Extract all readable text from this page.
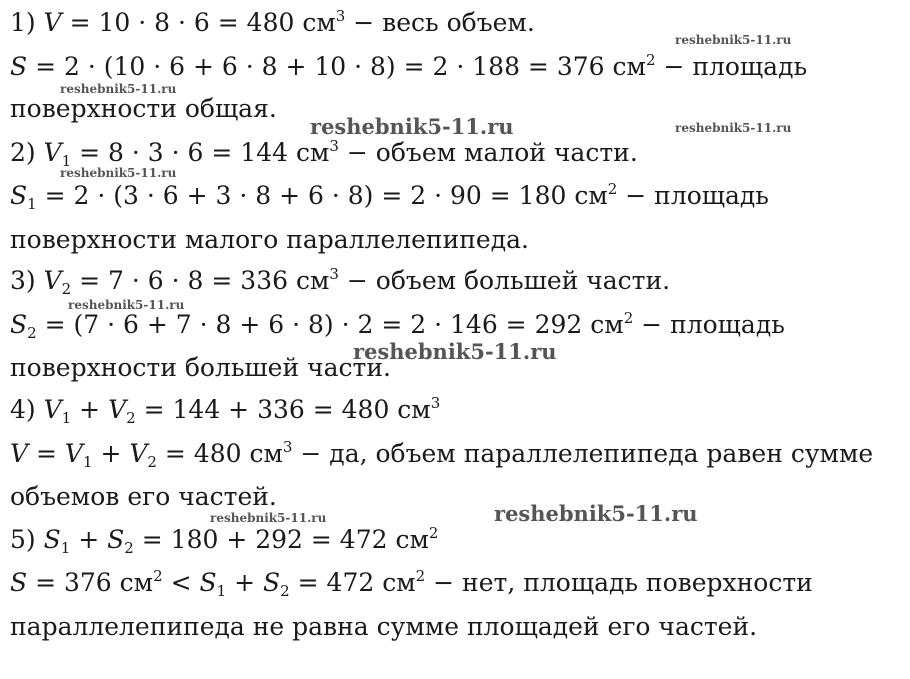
1) V = 10 · 8 · 6 = 480 $см^3$ − весь объем.
S = 2 · (10 · 6 + 6 · 8 + 10 · 8) = 2 · 188 = 376 $см^2$ − площадь
поверхности общая.
2) $V_1 = 8 \cdot 3 \cdot 6 = 144$ $см^3$ − объем малой части.
$S_1 = 2 \cdot (3 \cdot 6 + 3 \cdot 8 + 6 \cdot 8) = 2 \cdot 90 = 180$ $см^2$ − площадь
поверхности малого параллелепипеда.
3) $V_2 = 7 \cdot 6 \cdot 8 = 336$ $см^3$ − объем большей части.
$S_2 = (7 \cdot 6 + 7 \cdot 8 + 6 \cdot 8) \cdot 2 = 2 \cdot 146 = 292$ $см^2$ − площадь
поверхности большей части.
4) $V_1 + V_2 = 144 + 336 = 480$ $см^3$
$V = V_1 + V_2 = 480$ $см^3$ − да, объем параллелепипеда равен сумме
объемов его частей.
5) $S_1 + S_2 = 180 + 292 = 472$ $см^2$
S = 376 $см^2 < S_1 + S_2 = 472$ $см^2$ − нет, площадь поверхности
параллелепипеда не равна сумме площадей его частей.
reshebnik5-11.ru
reshebnik5-11.ru
reshebnik5-11.ru	reshebnik5-11.ru
reshebnik5-11.ru
reshebnik5-11.ru
reshebnik5-11.ru
reshebnik5-11.ru
reshebnik5-11.ru
